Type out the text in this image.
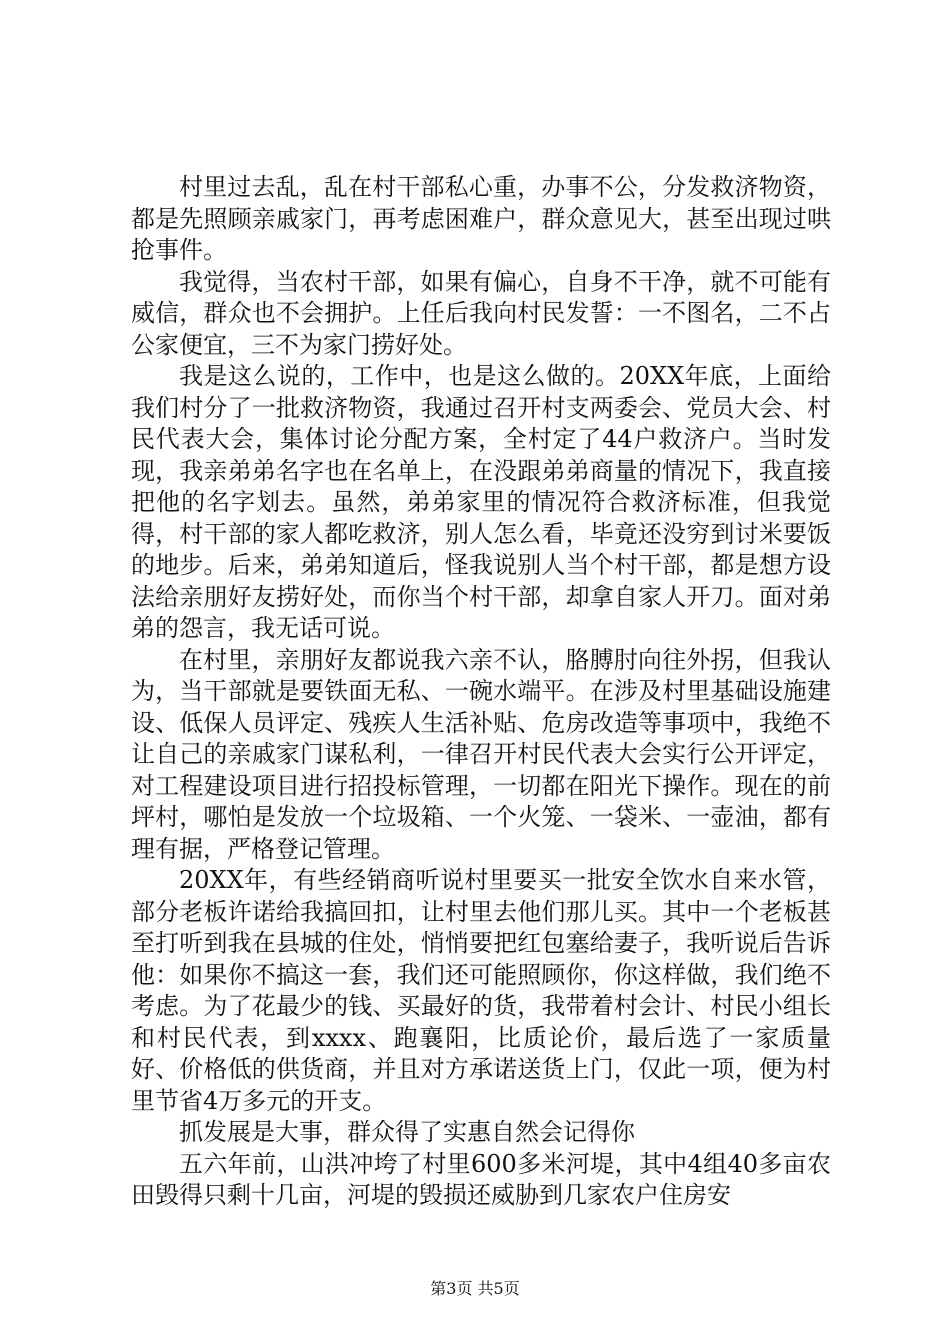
村里过去乱，乱在村干部私心重，办事不公，分发救济物资，都是先照顾亲戚家门，再考虑困难户，群众意见大，甚至出现过哄抢事件。

我觉得，当农村干部，如果有偏心，自身不干净，就不可能有威信，群众也不会拥护。上任后我向村民发誓：一不图名，二不占公家便宜，三不为家门捞好处。

我是这么说的，工作中，也是这么做的。20XX年底，上面给我们村分了一批救济物资，我通过召开村支两委会、党员大会、村民代表大会，集体讨论分配方案，全村定了44户救济户。当时发现，我亲弟弟名字也在名单上，在没跟弟弟商量的情况下，我直接把他的名字划去。虽然，弟弟家里的情况符合救济标准，但我觉得，村干部的家人都吃救济，别人怎么看，毕竟还没穷到讨米要饭的地步。后来，弟弟知道后，怪我说别人当个村干部，都是想方设法给亲朋好友捞好处，而你当个村干部，却拿自家人开刀。面对弟弟的怨言，我无话可说。

在村里，亲朋好友都说我六亲不认，胳膊肘向往外拐，但我认为，当干部就是要铁面无私、一碗水端平。在涉及村里基础设施建设、低保人员评定、残疾人生活补贴、危房改造等事项中，我绝不让自己的亲戚家门谋私利，一律召开村民代表大会实行公开评定，对工程建设项目进行招投标管理，一切都在阳光下操作。现在的前坪村，哪怕是发放一个垃圾箱、一个火笼、一袋米、一壶油，都有理有据，严格登记管理。

20XX年，有些经销商听说村里要买一批安全饮水自来水管，部分老板许诺给我搞回扣，让村里去他们那儿买。其中一个老板甚至打听到我在县城的住处，悄悄要把红包塞给妻子，我听说后告诉他：如果你不搞这一套，我们还可能照顾你，你这样做，我们绝不考虑。为了花最少的钱、买最好的货，我带着村会计、村民小组长和村民代表，到xxxx、跑襄阳，比质论价，最后选了一家质量好、价格低的供货商，并且对方承诺送货上门，仅此一项，便为村里节省4万多元的开支。

抓发展是大事，群众得了实惠自然会记得你

五六年前，山洪冲垮了村里600多米河堤，其中4组40多亩农田毁得只剩十几亩，河堤的毁损还威胁到几家农户住房安

第3页 共5页
